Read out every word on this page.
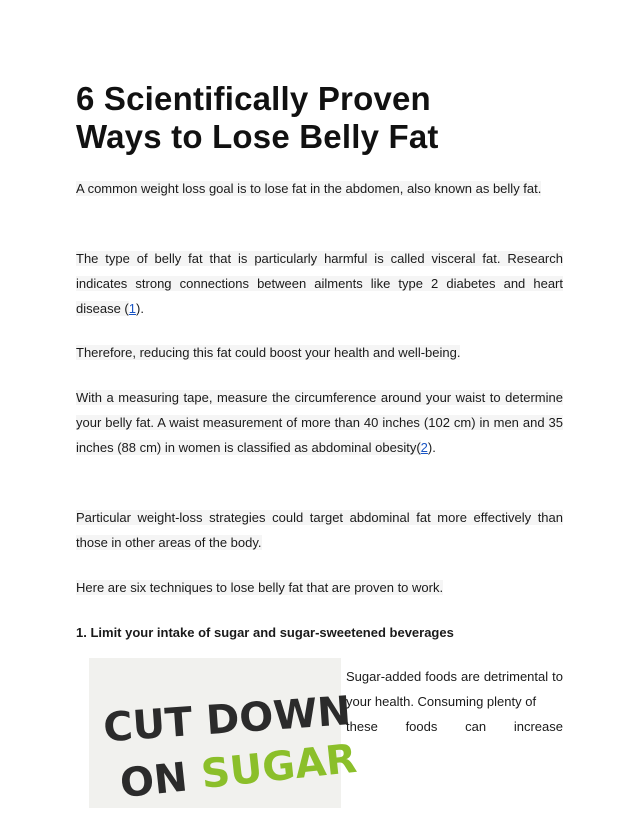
6 Scientifically Proven
Ways to Lose Belly Fat

A common weight loss goal is to lose fat in the abdomen, also known as belly fat.

The type of belly fat that is particularly harmful is called visceral fat. Research indicates strong connections between ailments like type 2 diabetes and heart disease (1).

Therefore, reducing this fat could boost your health and well-being.

With a measuring tape, measure the circumference around your waist to determine your belly fat. A waist measurement of more than 40 inches (102 cm) in men and 35 inches (88 cm) in women is classified as abdominal obesity(2).

Particular weight-loss strategies could target abdominal fat more effectively than those in other areas of the body.

Here are six techniques to lose belly fat that are proven to work.

1. Limit your intake of sugar and sugar-sweetened beverages

CUT DOWN
ON SUGAR
Sugar-added foods are detrimental to your health. Consuming plenty of
these foods can increase
